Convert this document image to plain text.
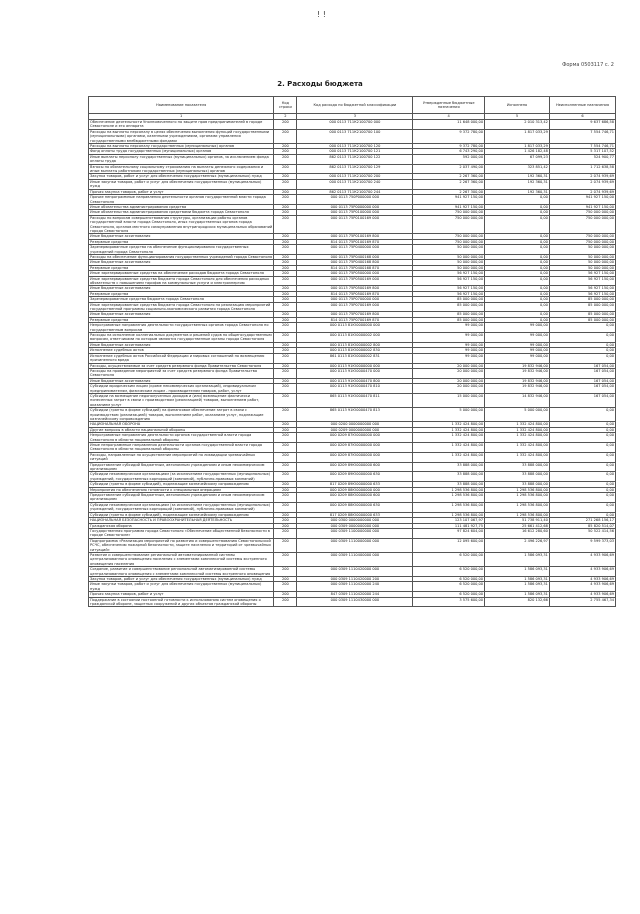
! !
Форма 0503117 с. 2
2. Расходы бюджета
Наименование показателя	Код строки	Код расхода по бюджетной классификации	Утвержденные бюджетные назначения	Исполнено	Неисполненные назначения
1	2	3	4	5	6
Обеспечение деятельности Уполномоченного по защите прав предпринимателей в городе Севастополе и его аппарата	200	000 0113 711К2100700 000	11 648 000,00	2 010 313,42	9 637 686,58
Расходы на выплаты персоналу в целях обеспечения выполнения функций государственными (муниципальными) органами, казенными учреждениями, органами управления государственными внебюджетными фондами	200	000 0113 711К2100700 100	9 372 780,00	1 817 033,29	7 554 746,71
Расходы на выплаты персоналу государственных (муниципальных) органов	200	000 0113 711К2100700 120	9 372 780,00	1 817 033,29	7 554 746,71
Фонд оплаты труда государственных (муниципальных) органов	200	000 0113 711К2100700 121	6 743 290,00	1 426 182,48	5 317 107,52
Иные выплаты персоналу государственных (муниципальных) органов, за исключением фонда оплаты труда	200	862 0113 711К2100700 122	592 000,00	67 099,23	524 900,77
Взносы по обязательному социальному страхованию на выплаты денежного содержания и иные выплаты работникам государственных (муниципальных) органов	200	862 0113 711К2100700 129	2 037 490,00	323 851,42	1 712 638,58
Закупка товаров, работ и услуг для обеспечения государственных (муниципальных) нужд	200	000 0113 711К2100700 200	2 267 360,00	192 360,31	2 074 939,69
Иные закупки товаров, работ и услуг для обеспечения государственных (муниципальных) нужд	200	000 0113 711К2100700 240	2 267 360,00	192 360,31	2 074 939,69
Прочая закупка товаров, работ и услуг	200	862 0113 711К2100700 244	2 267 300,00	192 360,31	2 074 939,69
Прочие непрограммные направления деятельности органов государственной власти города Севастополя	200	000 0113 750Р000000 000	941 927 150,00	0,00	941 927 150,00
Иные обязательства администрирования средства	200	000 0113 75Р0000000 000	941 927 150,00	0,00	941 927 150,00
Иные обязательства администрирования средствами бюджета города Севастополя	200	000 0113 75Р0100000 000	750 000 000,00	0,00	750 000 000,00
Расходы по вопросам совершенствования структуры, организации работы органов государственной власти города Севастополя, иных государственных органов города Севастополя, органов местного самоуправления внутригородских муниципальных образований города Севастополя	200	000 0113 75Р0100169 000	750 000 000,00	0,00	750 000 000,00
Иные бюджетные ассигнования	200	000 0113 75Р0100169 800	750 000 000,00	0,00	750 000 000,00
Резервные средства	200	814 0113 75Р0100169 870	750 000 000,00	0,00	750 000 000,00
Зарезервированные средства на обеспечение функционирования государственных учреждений города Севастополя	200	000 0113 75Р0400000 000	50 000 000,00	0,00	50 000 000,00
Расходы на обеспечение функционирования государственных учреждений города Севастополя	200	000 0113 75Р0400168 000	50 000 000,00	0,00	50 000 000,00
Иные бюджетные ассигнования	200	000 0113 75Р0400168 800	50 000 000,00	0,00	50 000 000,00
Резервные средства	200	814 0113 75Р0400168 870	50 000 000,00	0,00	50 000 000,00
Иные зарезервированные средства на обеспечение расходов бюджета города Севастополя	200	000 0113 75Р0500000 000	56 927 150,00	0,00	56 927 150,00
Иные зарезервированные средства бюджета города Севастополя для обеспечения расходных обязательств с повышением тарифов на коммунальные услуги и электроэнергию	200	000 0113 75Р0500169 000	56 927 150,00	0,00	56 927 150,00
Иные бюджетные ассигнования	200	000 0113 75Р0500169 800	56 927 150,00	0,00	56 927 150,00
Резервные средства	200	814 0113 75Р0500169 870	56 927 150,00	0,00	56 927 150,00
Зарезервированные средства бюджета города Севастополя	200	000 0113 75Р0700000 000	85 000 000,00	0,00	85 000 000,00
Иные зарезервированные средства бюджета города Севастополя на реализацию мероприятий государственной программы социально-экономического развития города Севастополя	200	000 0113 75Р0700169 000	85 000 000,00	0,00	85 000 000,00
Иные бюджетные ассигнования	200	000 0113 75Р0700169 800	85 000 000,00	0,00	85 000 000,00
Резервные средства	200	814 0113 75Р0700169 870	85 000 000,00	0,00	85 000 000,00
Непрограммные направления деятельности государственных органов города Севастополя по государственным вопросам	200	000 0113 81Ю0000000 000	99 000,00	99 000,00	0,00
Расходы на исполнение коллегиальных документов и решений судов по общегосударственным вопросам, ответчиками по которым являются государственные органы города Севастополя	200	000 0113 81Ю0000002 000	99 000,00	99 000,00	0,00
Иные бюджетные ассигнования	200	000 0113 81Ю0000002 800	99 000,00	99 000,00	0,00
Исполнение судебных актов	200	000 0113 81Ю0000002 830	99 000,00	99 000,00	0,00
Исполнение судебных актов Российской Федерации и мировых соглашений по возмещению причиненного вреда	200	861 0113 81Ю0000002 831	99 000,00	99 000,00	0,00
Расходы, осуществляемые за счет средств резервного фонда Правительства Севастополя	200	000 0113 91Ю0000000 000	20 000 000,00	19 832 946,00	167 054,00
Расходы на проведение мероприятий за счет средств резервного фонда Правительства Севастополя	200	000 0113 91Ю0000470 000	20 000 000,00	19 832 946,00	167 054,00
Иные бюджетные ассигнования	200	000 0113 91Ю0000470 800	20 000 000,00	19 832 946,00	167 054,00
Субсидии юридическим лицам (кроме некоммерческих организаций), индивидуальным предпринимателям, физическим лицам - производителям товаров, работ, услуг	200	000 0113 91Ю0000470 810	20 000 000,00	19 832 946,00	167 054,00
Субсидии на возмещение недополученных доходов и (или) возмещение фактически понесенных затрат в связи с производством (реализацией) товаров, выполнением работ, оказанием услуг	200	865 0113 91Ю0000470 811	15 000 000,00	14 832 946,00	167 054,00
Субсидии (гранты в форме субсидий) на финансовое обеспечение затрат в связи с производством (реализацией) товаров, выполнением работ, оказанием услуг, подлежащие казначейскому сопровождению	200	865 0113 91Ю0000470 813	5 000 000,00	5 000 000,00	0,00
НАЦИОНАЛЬНАЯ ОБОРОНА	200	000 0200 0000000000 000	1 332 424 800,00	1 332 424 800,00	0,00
Другие вопросы в области национальной обороны	200	000 0209 0000000000 000	1 332 424 800,00	1 332 424 800,00	0,00
Непрограммные направления деятельности органов государственной власти города Севастополя в области национальной обороны	200	000 0209 87Ю0000000 000	1 332 424 800,00	1 332 424 800,00	0,00
Иные непрограммные направления деятельности органов государственной власти города Севастополя в области национальной обороны	200	000 0209 87Ю0000000 000	1 332 424 800,00	1 332 424 800,00	0,00
Расходы, направленные на осуществление мероприятий по ликвидации чрезвычайных ситуаций	200	000 0209 87Ю0000000 000	1 332 424 800,00	1 332 424 800,00	0,00
Предоставление субсидий бюджетным, автономным учреждениям и иным некоммерческим организациям	200	000 0209 89Ю0000000 600	33 888 000,00	33 888 000,00	0,00
Субсидии некоммерческим организациям (за исключением государственных (муниципальных) учреждений, государственных корпораций (компаний), публично-правовых компаний)	200	000 0209 89Ю0000000 630	33 888 000,00	33 888 000,00	0,00
Субсидии (гранты в форме субсидий), подлежащие казначейскому сопровождению	200	817 0209 89Ю0000000 633	33 888 000,00	33 888 000,00	0,00
Мероприятия по обеспечению готовности к специальным операциям	200	000 0209 88Ю0000000 000	1 298 536 800,00	1 298 536 800,00	0,00
Предоставление субсидий бюджетным, автономным учреждениям и иным некоммерческим организациям	200	000 0209 88Ю0000000 600	1 298 536 800,00	1 298 536 800,00	0,00
Субсидии некоммерческим организациям (за исключением государственных (муниципальных) учреждений, государственных корпораций (компаний), публично-правовых компаний)	200	000 0209 88Ю0000000 630	1 298 536 800,00	1 298 536 800,00	0,00
Субсидии (гранты в форме субсидий), подлежащие казначейскому сопровождению	200	817 0209 88Ю0000000 633	1 298 536 800,00	1 298 536 800,00	0,00
НАЦИОНАЛЬНАЯ БЕЗОПАСНОСТЬ И ПРАВООХРАНИТЕЛЬНАЯ ДЕЯТЕЛЬНОСТЬ	200	000 0300 0000000000 000	123 107 067,97	51 738 911,40	271 268 156,17
Гражданская оборона	200	000 0309 0000000000 000	111 481 927,75	25 661 412,68	85 820 514,07
Государственная программа города Севастополя «Обеспечение общественной безопасности в городе Севастополе»	200	000 0309 1100000000 000	97 824 604,00	16 612 280,60	50 522 414,56
Подпрограмма «Реализация мероприятий по развитию и совершенствованию Севастопольской РСЧС, обеспечению пожарной безопасности, защите населения и территорий от чрезвычайных ситуаций»	200	000 0309 1110000000 000	12 095 600,00	2 496 226,97	9 599 373,03
Развитие и совершенствование региональной автоматизированной системы централизованного оповещения населения с элементами комплексной системы экстренного оповещения населения	200	000 0309 1110400000 000	6 520 000,00	1 586 093,31	4 933 906,69
Создание, развитие и совершенствование региональной автоматизированной системы централизованного оповещения с элементами комплексной системы экстренного оповещения	200	000 0309 1110420000 000	6 520 000,00	1 586 093,31	4 933 906,69
Закупка товаров, работ и услуг для обеспечения государственных (муниципальных) нужд	200	000 0309 1110420000 200	6 520 000,00	1 586 093,31	4 933 906,69
Иные закупки товаров, работ и услуг для обеспечения государственных (муниципальных) нужд	200	000 0309 1110420000 240	6 520 000,00	1 586 093,31	4 933 906,69
Прочая закупка товаров, работ и услуг	200	847 0309 1110420000 244	6 520 000,00	1 586 093,31	4 933 906,69
Поддержание в состоянии постоянной готовности к использованию систем оповещения о гражданской обороне, защитных сооружений и других объектов гражданской обороны	200	000 0309 1110430000 000	3 575 600,00	820 132,66	2 755 467,34
